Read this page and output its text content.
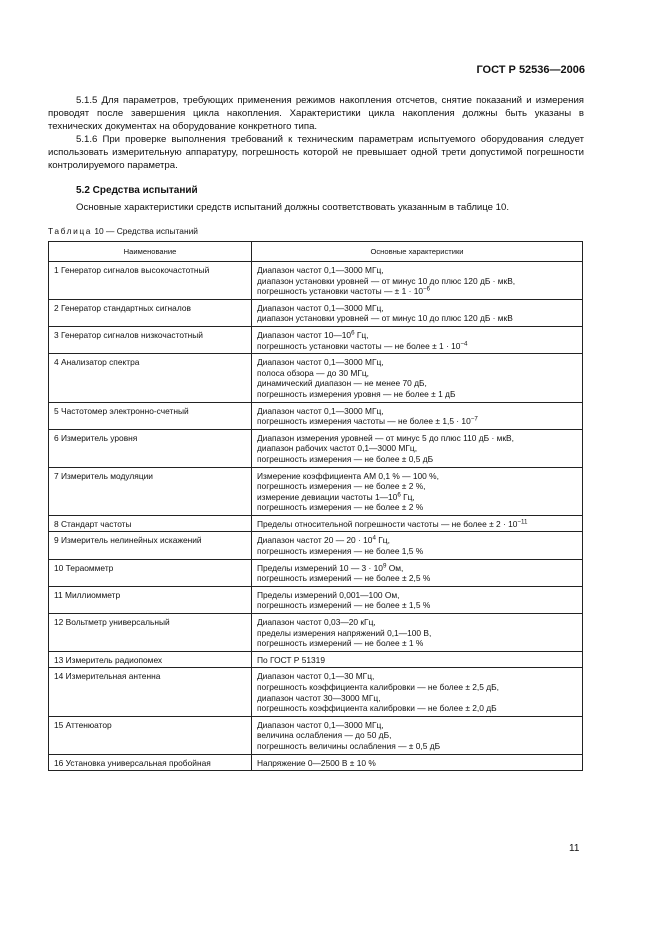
ГОСТ Р 52536—2006

5.1.5 Для параметров, требующих применения режимов накопления отсчетов, снятие показаний и измерения проводят после завершения цикла накопления. Характеристики цикла накопления должны быть указаны в технических документах на оборудование конкретного типа.

5.1.6 При проверке выполнения требований к техническим параметрам испытуемого оборудования следует использовать измерительную аппаратуру, погрешность которой не превышает одной трети допустимой погрешности контролируемого параметра.

5.2 Средства испытаний

Основные характеристики средств испытаний должны соответствовать указанным в таблице 10.

Таблица 10 — Средства испытаний
Наименование	Основные характеристики
1 Генератор сигналов высокочастотный	Диапазон частот 0,1—3000 МГц,
диапазон установки уровней — от минус 10 до плюс 120 дБ · мкВ,
погрешность установки частоты — ± $1 \cdot 10^{-6}$

2 Генератор стандартных сигналов	Диапазон частот 0,1—3000 МГц,
диапазон установки уровней — от минус 10 до плюс 120 дБ · мкВ

3 Генератор сигналов низкочастотный	Диапазон частот $10—10^6$ Гц,
погрешность установки частоты — не более ± $1 \cdot 10^{-4}$

4 Анализатор спектра	Диапазон частот 0,1—3000 МГц,
полоса обзора — до 30 МГц,
динамический диапазон — не менее 70 дБ,
погрешность измерения уровня — не более ± 1 дБ

5 Частотомер электронно-счетный	Диапазон частот 0,1—3000 МГц,
погрешность измерения частоты — не более ± $1,5 \cdot 10^{-7}$

6 Измеритель уровня	Диапазон измерения уровней — от минус 5 до плюс 110 дБ · мкВ,
диапазон рабочих частот 0,1—3000 МГц,
погрешность измерения — не более ± 0,5 дБ

7 Измеритель модуляции	Измерение коэффициента АМ 0,1 % — 100 %,
погрешность измерения — не более ± 2 %,
измерение девиации частоты $1—10^6$ Гц,
погрешность измерения — не более ± 2 %

8 Стандарт частоты	Пределы относительной погрешности частоты — не более ± $2 \cdot 10^{-11}$

9 Измеритель нелинейных искажений	Диапазон частот 20 — $20 \cdot 10^4$ Гц,
погрешность измерения — не более 1,5 %

10 Тераомметр	Пределы измерений 10 — $3 \cdot 10^9$ Ом,
погрешность измерений — не более ± 2,5 %

11 Миллиомметр	Пределы измерений 0,001—100 Ом,
погрешность измерений — не более ± 1,5 %

12 Вольтметр универсальный	Диапазон частот 0,03—20 кГц,
пределы измерения напряжений 0,1—100 В,
погрешность измерений — не более ± 1 %

13 Измеритель радиопомех	По ГОСТ Р 51319

14 Измерительная антенна	Диапазон частот 0,1—30 МГц,
погрешность коэффициента калибровки — не более ± 2,5 дБ,
диапазон частот 30—3000 МГц,
погрешность коэффициента калибровки — не более ± 2,0 дБ

15 Аттенюатор	Диапазон частот 0,1—3000 МГц,
величина ослабления — до 50 дБ,
погрешность величины ослабления — ± 0,5 дБ

16 Установка универсальная пробойная	Напряжение 0—2500 В ± 10 %
11
